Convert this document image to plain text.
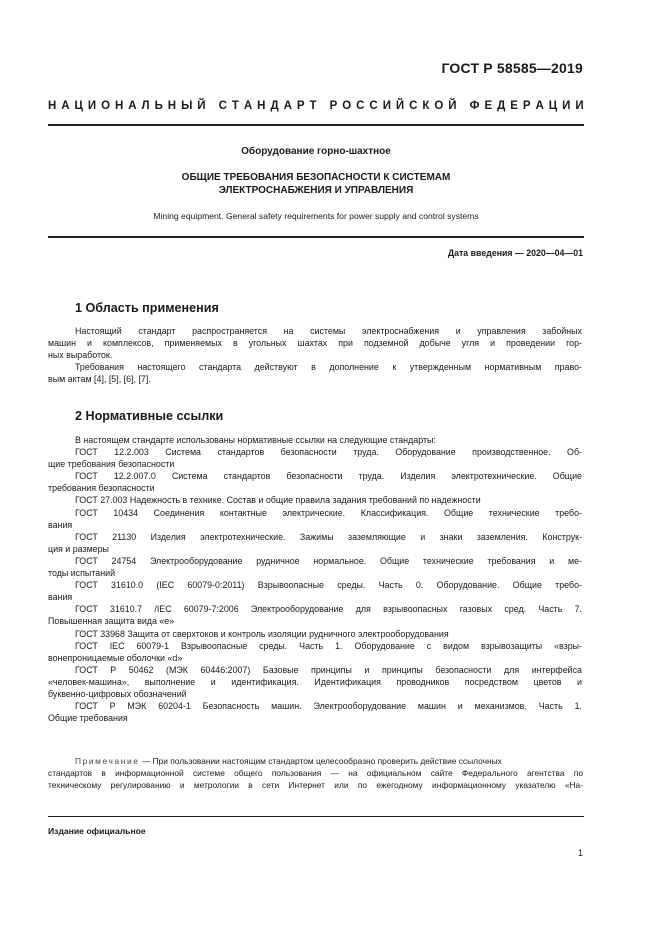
ГОСТ Р 58585—2019
Н А Ц И О Н А Л Ь Н Ы Й
С Т А Н Д А Р Т
Р О С С И Й С К О Й
Ф Е Д Е Р А Ц И И
Оборудование горно-шахтное
ОБЩИЕ ТРЕБОВАНИЯ БЕЗОПАСНОСТИ К СИСТЕМАМ
ЭЛЕКТРОСНАБЖЕНИЯ И УПРАВЛЕНИЯ
Mining equipment. General safety requirements for power supply and control systems
Дата введения — 2020—04—01
1 Область применения
Настоящий стандарт распространяется на системы электроснабжения и управления забойных
машин и комплексов, применяемых в угольных шахтах при подземной добыче угля и проведении гор-
ных выработок.
Требования настоящего стандарта действуют в дополнение к утвержденным нормативным право-
вым актам [4], [5], [6], [7].
2 Нормативные ссылки
В настоящем стандарте использованы нормативные ссылки на следующие стандарты:
ГОСТ 12.2.003 Система стандартов безопасности труда. Оборудование производственное. Об-
щие требования безопасности
ГОСТ 12.2.007.0 Система стандартов безопасности труда. Изделия электротехнические. Общие
требования безопасности
ГОСТ 27.003 Надежность в технике. Состав и общие правила задания требований по надежности
ГОСТ 10434 Соединения контактные электрические. Классификация. Общие технические требо-
вания
ГОСТ 21130 Изделия электротехнические. Зажимы заземляющие и знаки заземления. Конструк-
ция и размеры
ГОСТ 24754 Электрооборудование рудничное нормальное. Общие технические требования и ме-
тоды испытаний
ГОСТ 31610.0 (IEC 60079-0:2011) Взрывоопасные среды. Часть 0. Оборудование. Общие требо-
вания
ГОСТ 31610.7 /IEC 60079-7:2006 Электрооборудование для взрывоопасных газовых сред. Часть 7.
Повышенная защита вида «е»
ГОСТ 33968 Защита от сверхтоков и контроль изоляции рудничного электрооборудования
ГОСТ IEC 60079-1 Взрывоопасные среды. Часть 1. Оборудование с видом взрывозащиты «взры-
вонепроницаемые оболочки «d»
ГОСТ Р 50462 (МЭК 60446:2007) Базовые принципы и принципы безопасности для интерфейса
«человек-машина», выполнение и идентификация. Идентификация проводников посредством цветов и
буквенно-цифровых обозначений
ГОСТ Р МЭК 60204-1 Безопасность машин. Электрооборудование машин и механизмов. Часть 1.
Общие требования
Примечание — При пользовании настоящим стандартом целесообразно проверить действие ссылочных
стандартов в информационной системе общего пользования — на официальном сайте Федерального агентства по
техническому регулированию и метрологии в сети Интернет или по ежегодному информационному указателю «На-
Издание официальное
1
